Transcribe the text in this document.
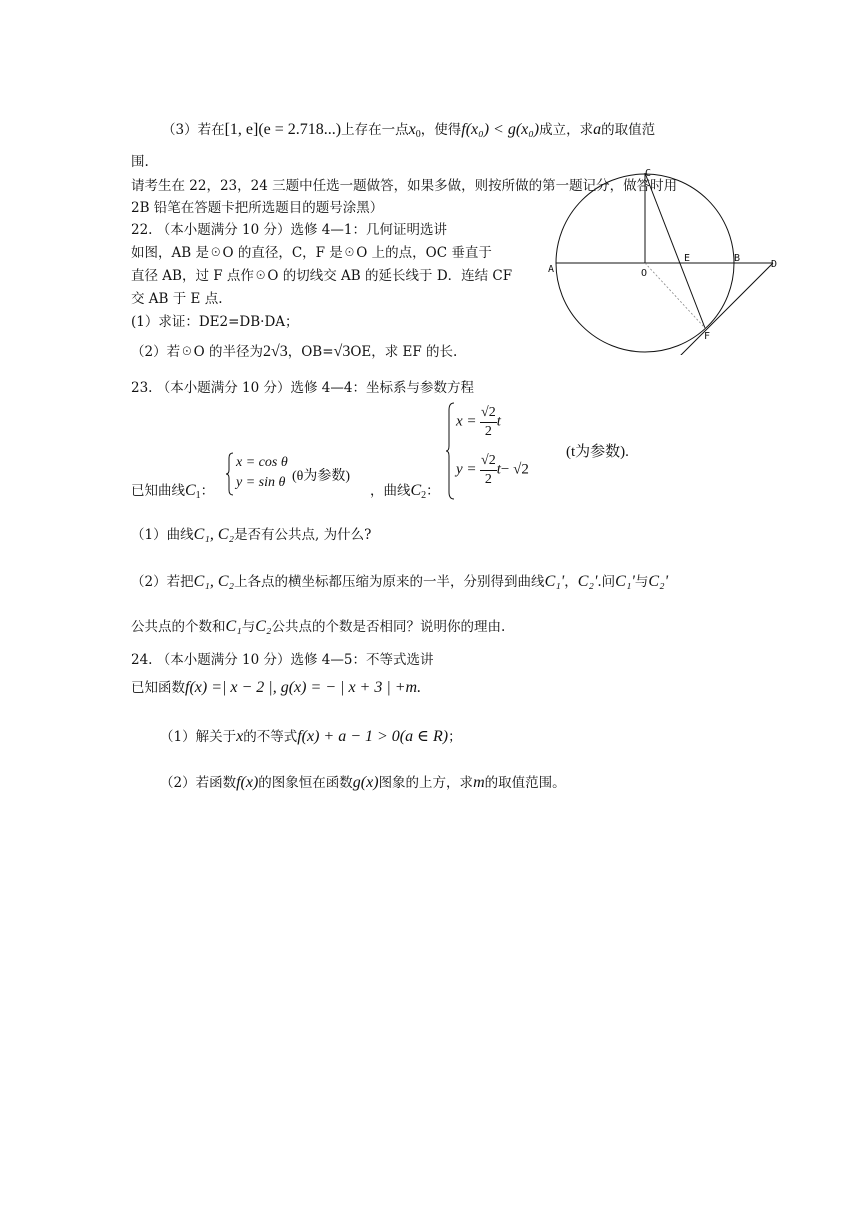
（3）若在[1, e](e = 2.718...)上存在一点$x_0$，使得f(x₀) < g(x₀)成立，求a的取值范
围.
请考生在 22，23，24 三题中任选一题做答，如果多做，则按所做的第一题记分，做答时用
2B 铅笔在答题卡把所选题目的题号涂黑）
22. （本小题满分 10 分）选修 4—1：几何证明选讲
如图，AB 是☉O 的直径，C，F 是☉O 上的点，OC 垂直于
直径 AB，过 F 点作☉O 的切线交 AB 的延长线于 D．连结 CF
交 AB 于 E 点.
(1）求证：DE2=DB·DA；
（2）若☉O 的半径为2√3，OB=√3OE，求 EF 的长.
A	O
E	B
D
C
F
23. （本小题满分 10 分）选修 4—4：坐标系与参数方程
已知曲线$C_1$：
x = cos θ
y = sin θ (θ为参数)
，曲线$C_2$：
$x = \frac{√2}{2}$ t
$y = \frac{√2}{2} t- √2$
(t为参数).
（1）曲线C₁, C₂是否有公共点, 为什么?
（2）若把C₁, C₂上各点的横坐标都压缩为原来的一半，分别得到曲线C₁'，C₂'.问C₁'与C₂'
公共点的个数和C₁与C₂公共点的个数是否相同？说明你的理由.
24. （本小题满分 10 分）选修 4—5：不等式选讲
已知函数f(x) =| x − 2 |, g(x) = − | x + 3 | +m.
（1）解关于x的不等式f(x) + a − 1 > 0(a ∈ R)；
（2）若函数f(x)的图象恒在函数g(x)图象的上方，求m的取值范围。
